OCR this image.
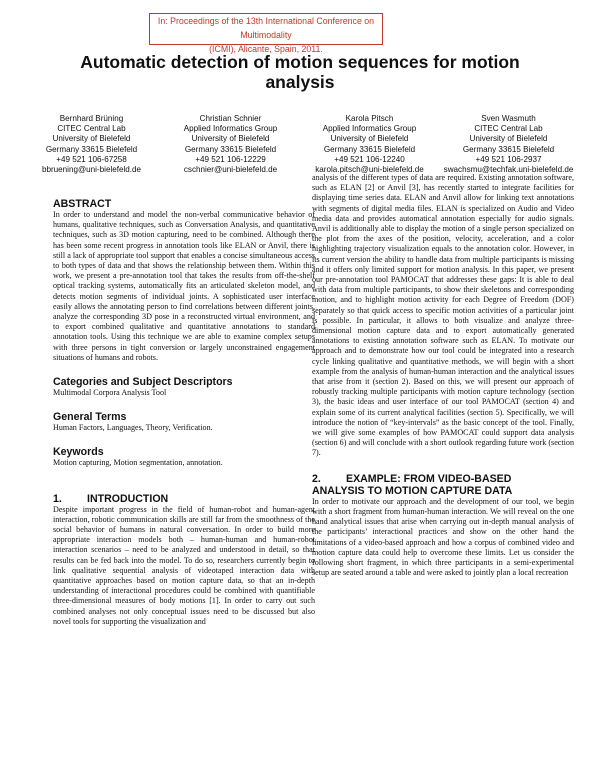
In: Proceedings of the 13th International Conference on Multimodality
(ICMI), Alicante, Spain, 2011.
Automatic detection of motion sequences for motion
analysis
Bernhard Brüning
CITEC Central Lab
University of Bielefeld
Germany 33615 Bielefeld
+49 521 106-67258
bbruening@uni-bielefeld.de
Christian Schnier
Applied Informatics Group
University of Bielefeld
Germany 33615 Bielefeld
+49 521 106-12229
cschnier@uni-bielefeld.de
Karola Pitsch
Applied Informatics Group
University of Bielefeld
Germany 33615 Bielefeld
+49 521 106-12240
karola.pitsch@uni-bielefeld.de
Sven Wasmuth
CITEC Central Lab
University of Bielefeld
Germany 33615 Bielefeld
+49 521 106-2937
swachsmu@techfak.uni-bielefeld.de
ABSTRACT

In order to understand and model the non-verbal communicative behavior of humans, qualitative techniques, such as Conversation Analysis, and quantitative techniques, such as 3D motion capturing, need to be combined. Although there has been some recent progress in annotation tools like ELAN or Anvil, there is still a lack of appropriate tool support that enables a concise simultaneous access to both types of data and that shows the relationship between them. Within this work, we present a pre-annotation tool that takes the results from off-the-shelf optical tracking systems, automatically fits an articulated skeleton model, and detects motion segments of individual joints. A sophisticated user interface easily allows the annotating person to find correlations between different joints, analyze the corresponding 3D pose in a reconstructed virtual environment, and to export combined qualitative and quantitative annotations to standard annotation tools. Using this technique we are able to examine complex setups with three persons in tight conversion or largely unconstrained engagement situations of humans and robots.

Categories and Subject Descriptors

Multimodal Corpora Analysis Tool

General Terms

Human Factors, Languages, Theory, Verification.

Keywords

Motion capturing, Motion segmentation, annotation.

1. INTRODUCTION

Despite important progress in the field of human-robot and human-agent interaction, robotic communication skills are still far from the smoothness of the social behavior of humans in natural conversation. In order to build more appropriate interaction models both – human-human and human-robot interaction scenarios – need to be analyzed and understood in detail, so that results can be fed back into the model. To do so, researchers currently begin to link qualitative sequential analysis of videotaped interaction data with quantitative approaches based on motion capture data, so that an in-depth understanding of interactional procedures could be combined with quantifiable three-dimensional measures of body motions [1]. In order to carry out such combined analyses not only conceptual issues need to be discussed but also novel tools for supporting the visualization and

analysis of the different types of data are required. Existing annotation software, such as ELAN [2] or Anvil [3], has recently started to integrate facilities for displaying time series data. ELAN and Anvil allow for linking text annotations with segments of digital media files. ELAN is specialized on Audio and Video media data and provides automatical annotation especially for audio signals. Anvil is additionally able to display the motion of a single person specialized on the plot from the axes of the position, velocity, acceleration, and a color highlighting trajectory visualization equals to the annotation color. However, in its current version the ability to handle data from multiple participants is missing and it offers only limited support for motion analysis. In this paper, we present our pre-annotation tool PAMOCAT that addresses these gaps: It is able to deal with data from multiple participants, to show their skeletons and corresponding motion, and to highlight motion activity for each Degree of Freedom (DOF) separately so that quick access to specific motion activities of a particular joint is possible. In particular, it allows to both visualize and analyze three-dimensional motion capture data and to export automatically generated annotations to existing annotation software such as ELAN. To motivate our approach and to demonstrate how our tool could be integrated into a research cycle linking qualitative and quantitative methods, we will begin with a short example from the analysis of human-human interaction and the analytical issues that arise from it (section 2). Based on this, we will present our approach of robustly tracking multiple participants with motion capture technology (section 3), the basic ideas and user interface of our tool PAMOCAT (section 4) and explain some of its current analytical facilities (section 5). Specifically, we will introduce the notion of “key-intervals” as the basic concept of the tool. Finally, we will give some examples of how PAMOCAT could support data analysis (section 6) and will conclude with a short outlook regarding future work (section 7).

2.	EXAMPLE: FROM VIDEO-BASED
ANALYSIS TO MOTION CAPTURE DATA

In order to motivate our approach and the development of our tool, we begin with a short fragment from human-human interaction. We will reveal on the one hand analytical issues that arise when carrying out in-depth manual analysis of the participants’ interactional practices and show on the other hand the limitations of a video-based approach and how a corpus of combined video and motion capture data could help to overcome these limits. Let us consider the following short fragment, in which three participants in a semi-experimental setup are seated around a table and were asked to jointly plan a local recreation
